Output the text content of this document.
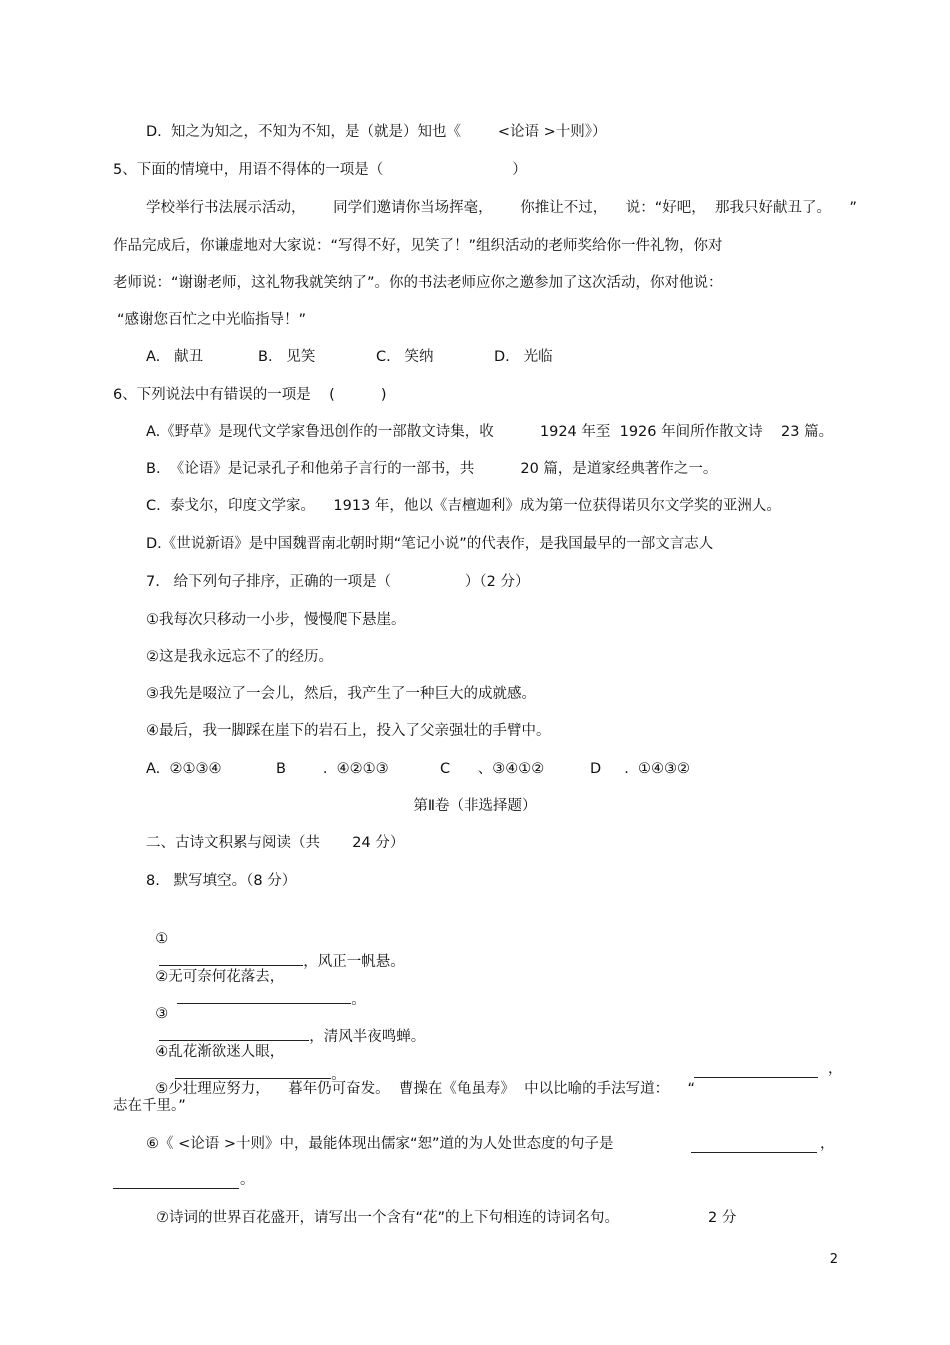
D.  知之为知之，不知为不知，是（就是）知也《        <论语 >十则》）
5、下面的情境中，用语不得体的一项是（                            ）
学校举行书法展示活动，      同学们邀请你当场挥毫，      你推让不过，    说：“好吧，  那我只好献丑了。    ”
作品完成后，你谦虚地对大家说：“写得不好，见笑了！”组织活动的老师奖给你一件礼物，你对
老师说：“谢谢老师，这礼物我就笑纳了”。你的书法老师应你之邀参加了这次活动，你对他说：
“感谢您百忙之中光临指导！”
A.   献丑	B.   见笑	C.   笑纳	D.   光临
6、下列说法中有错误的一项是    (          )
A.《野草》是现代文学家鲁迅创作的一部散文诗集，收          1924 年至  1926 年间所作散文诗    23 篇。
B.  《论语》是记录孔子和他弟子言行的一部书，共          20 篇，是道家经典著作之一。
C.  泰戈尔，印度文学家。    1913 年，他以《吉檀迦利》成为第一位获得诺贝尔文学奖的亚洲人。
D.《世说新语》是中国魏晋南北朝时期“笔记小说”的代表作，是我国最早的一部文言志人
7.   给下列句子排序，正确的一项是（                ）（2 分）
①我每次只移动一小步，慢慢爬下悬崖。
②这是我永远忘不了的经历。
③我先是啜泣了一会儿，然后，我产生了一种巨大的成就感。
④最后，我一脚踩在崖下的岩石上，投入了父亲强壮的手臂中。
A.  ②①③④	B        .  ④②①③	C      、③④①②	D     .  ①④③②
第Ⅱ卷（非选择题）
二、古诗文积累与阅读（共       24 分）
8.   默写填空。（8 分）

①
，风正一帆悬。

②无可奈何花落去，
。

③
，清风半夜鸣蝉。

④乱花渐欲迷人眼，
。

⑤少壮理应努力，    暮年仍可奋发。  曹操在《龟虽寿》  中以比喻的手法写道：    “

，
志在千里。”
⑥《 <论语 >十则》中，最能体现出儒家“恕”道的为人处世态度的句子是	，
。
⑦诗词的世界百花盛开，请写出一个含有“花”的上下句相连的诗词名句。	2 分
2
